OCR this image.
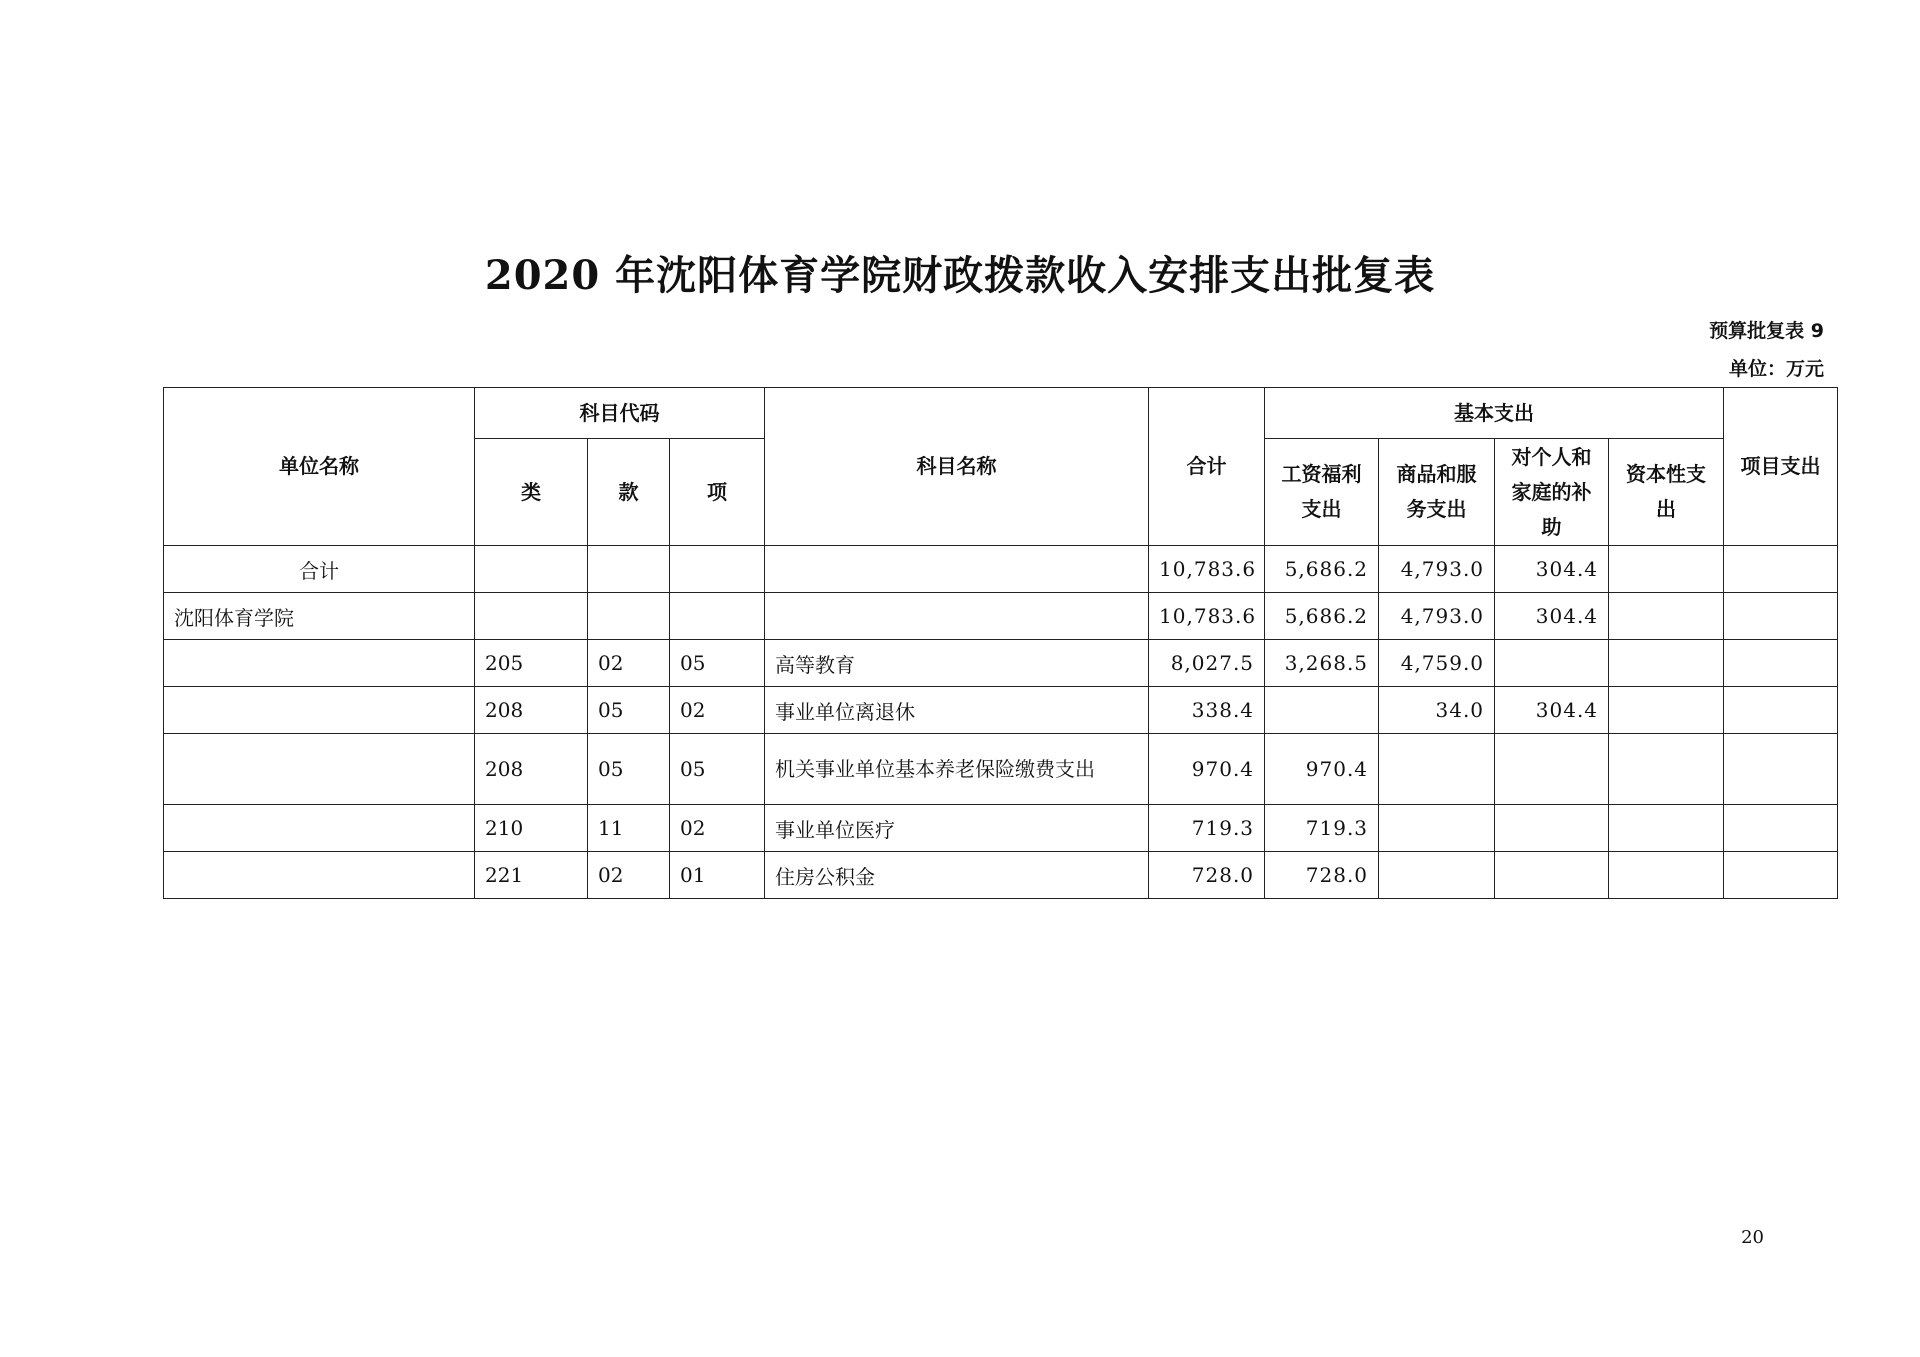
2020 年沈阳体育学院财政拨款收入安排支出批复表
预算批复表 9
单位：万元
单位名称	科目代码			科目名称	合计	基本支出				项目支出
	类	款	项			工资福利支出	商品和服务支出	对个人和家庭的补助	资本性支出	
合计					10,783.6	5,686.2	4,793.0	304.4		
沈阳体育学院					10,783.6	5,686.2	4,793.0	304.4		
	205	02	05	高等教育	8,027.5	3,268.5	4,759.0			
	208	05	02	事业单位离退休	338.4		34.0	304.4		
	208	05	05	机关事业单位基本养老保险缴费支出	970.4	970.4				
	210	11	02	事业单位医疗	719.3	719.3				
	221	02	01	住房公积金	728.0	728.0				
20
